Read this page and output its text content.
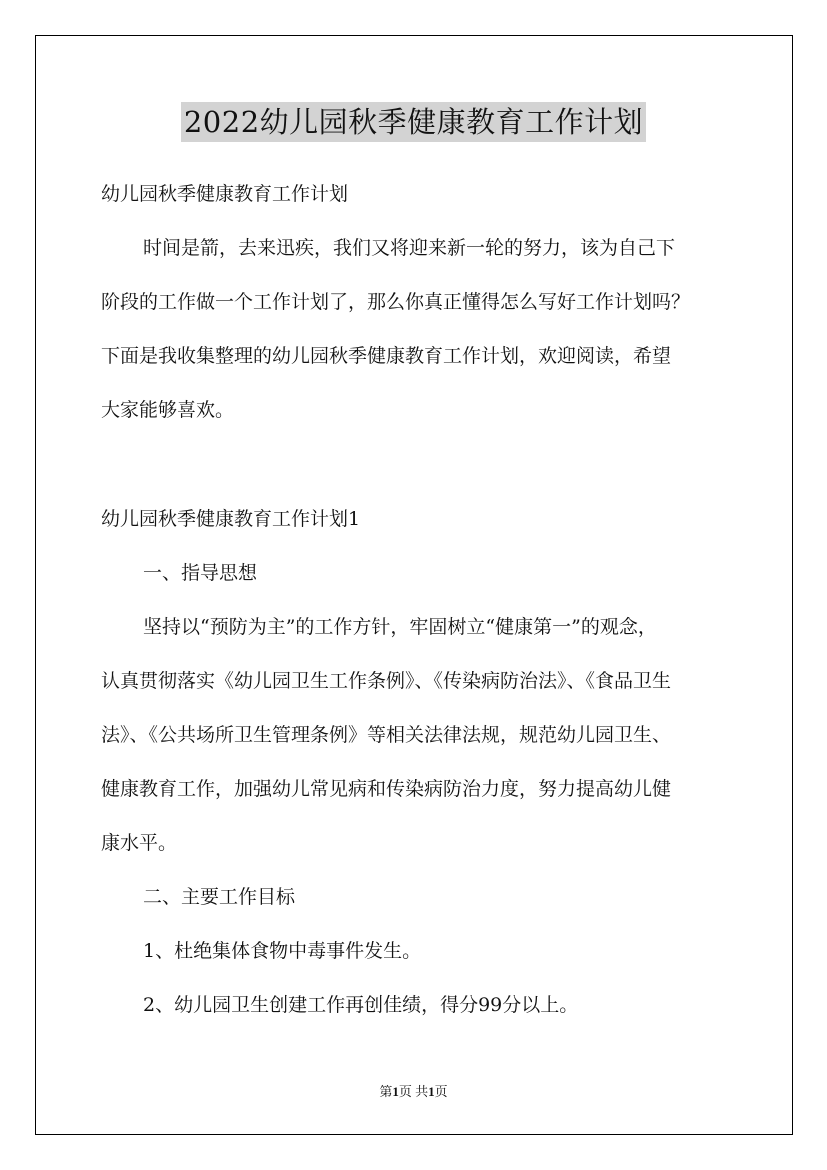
2022幼儿园秋季健康教育工作计划
幼儿园秋季健康教育工作计划
时间是箭，去来迅疾，我们又将迎来新一轮的努力，该为自己下
阶段的工作做一个工作计划了，那么你真正懂得怎么写好工作计划吗？
下面是我收集整理的幼儿园秋季健康教育工作计划，欢迎阅读，希望
大家能够喜欢。
幼儿园秋季健康教育工作计划1
一、指导思想
坚持以“预防为主”的工作方针，牢固树立“健康第一”的观念，
认真贯彻落实《幼儿园卫生工作条例》、《传染病防治法》、《食品卫生
法》、《公共场所卫生管理条例》等相关法律法规，规范幼儿园卫生、
健康教育工作，加强幼儿常见病和传染病防治力度，努力提高幼儿健
康水平。
二、主要工作目标
1、杜绝集体食物中毒事件发生。
2、幼儿园卫生创建工作再创佳绩，得分99分以上。
第1页 共1页
